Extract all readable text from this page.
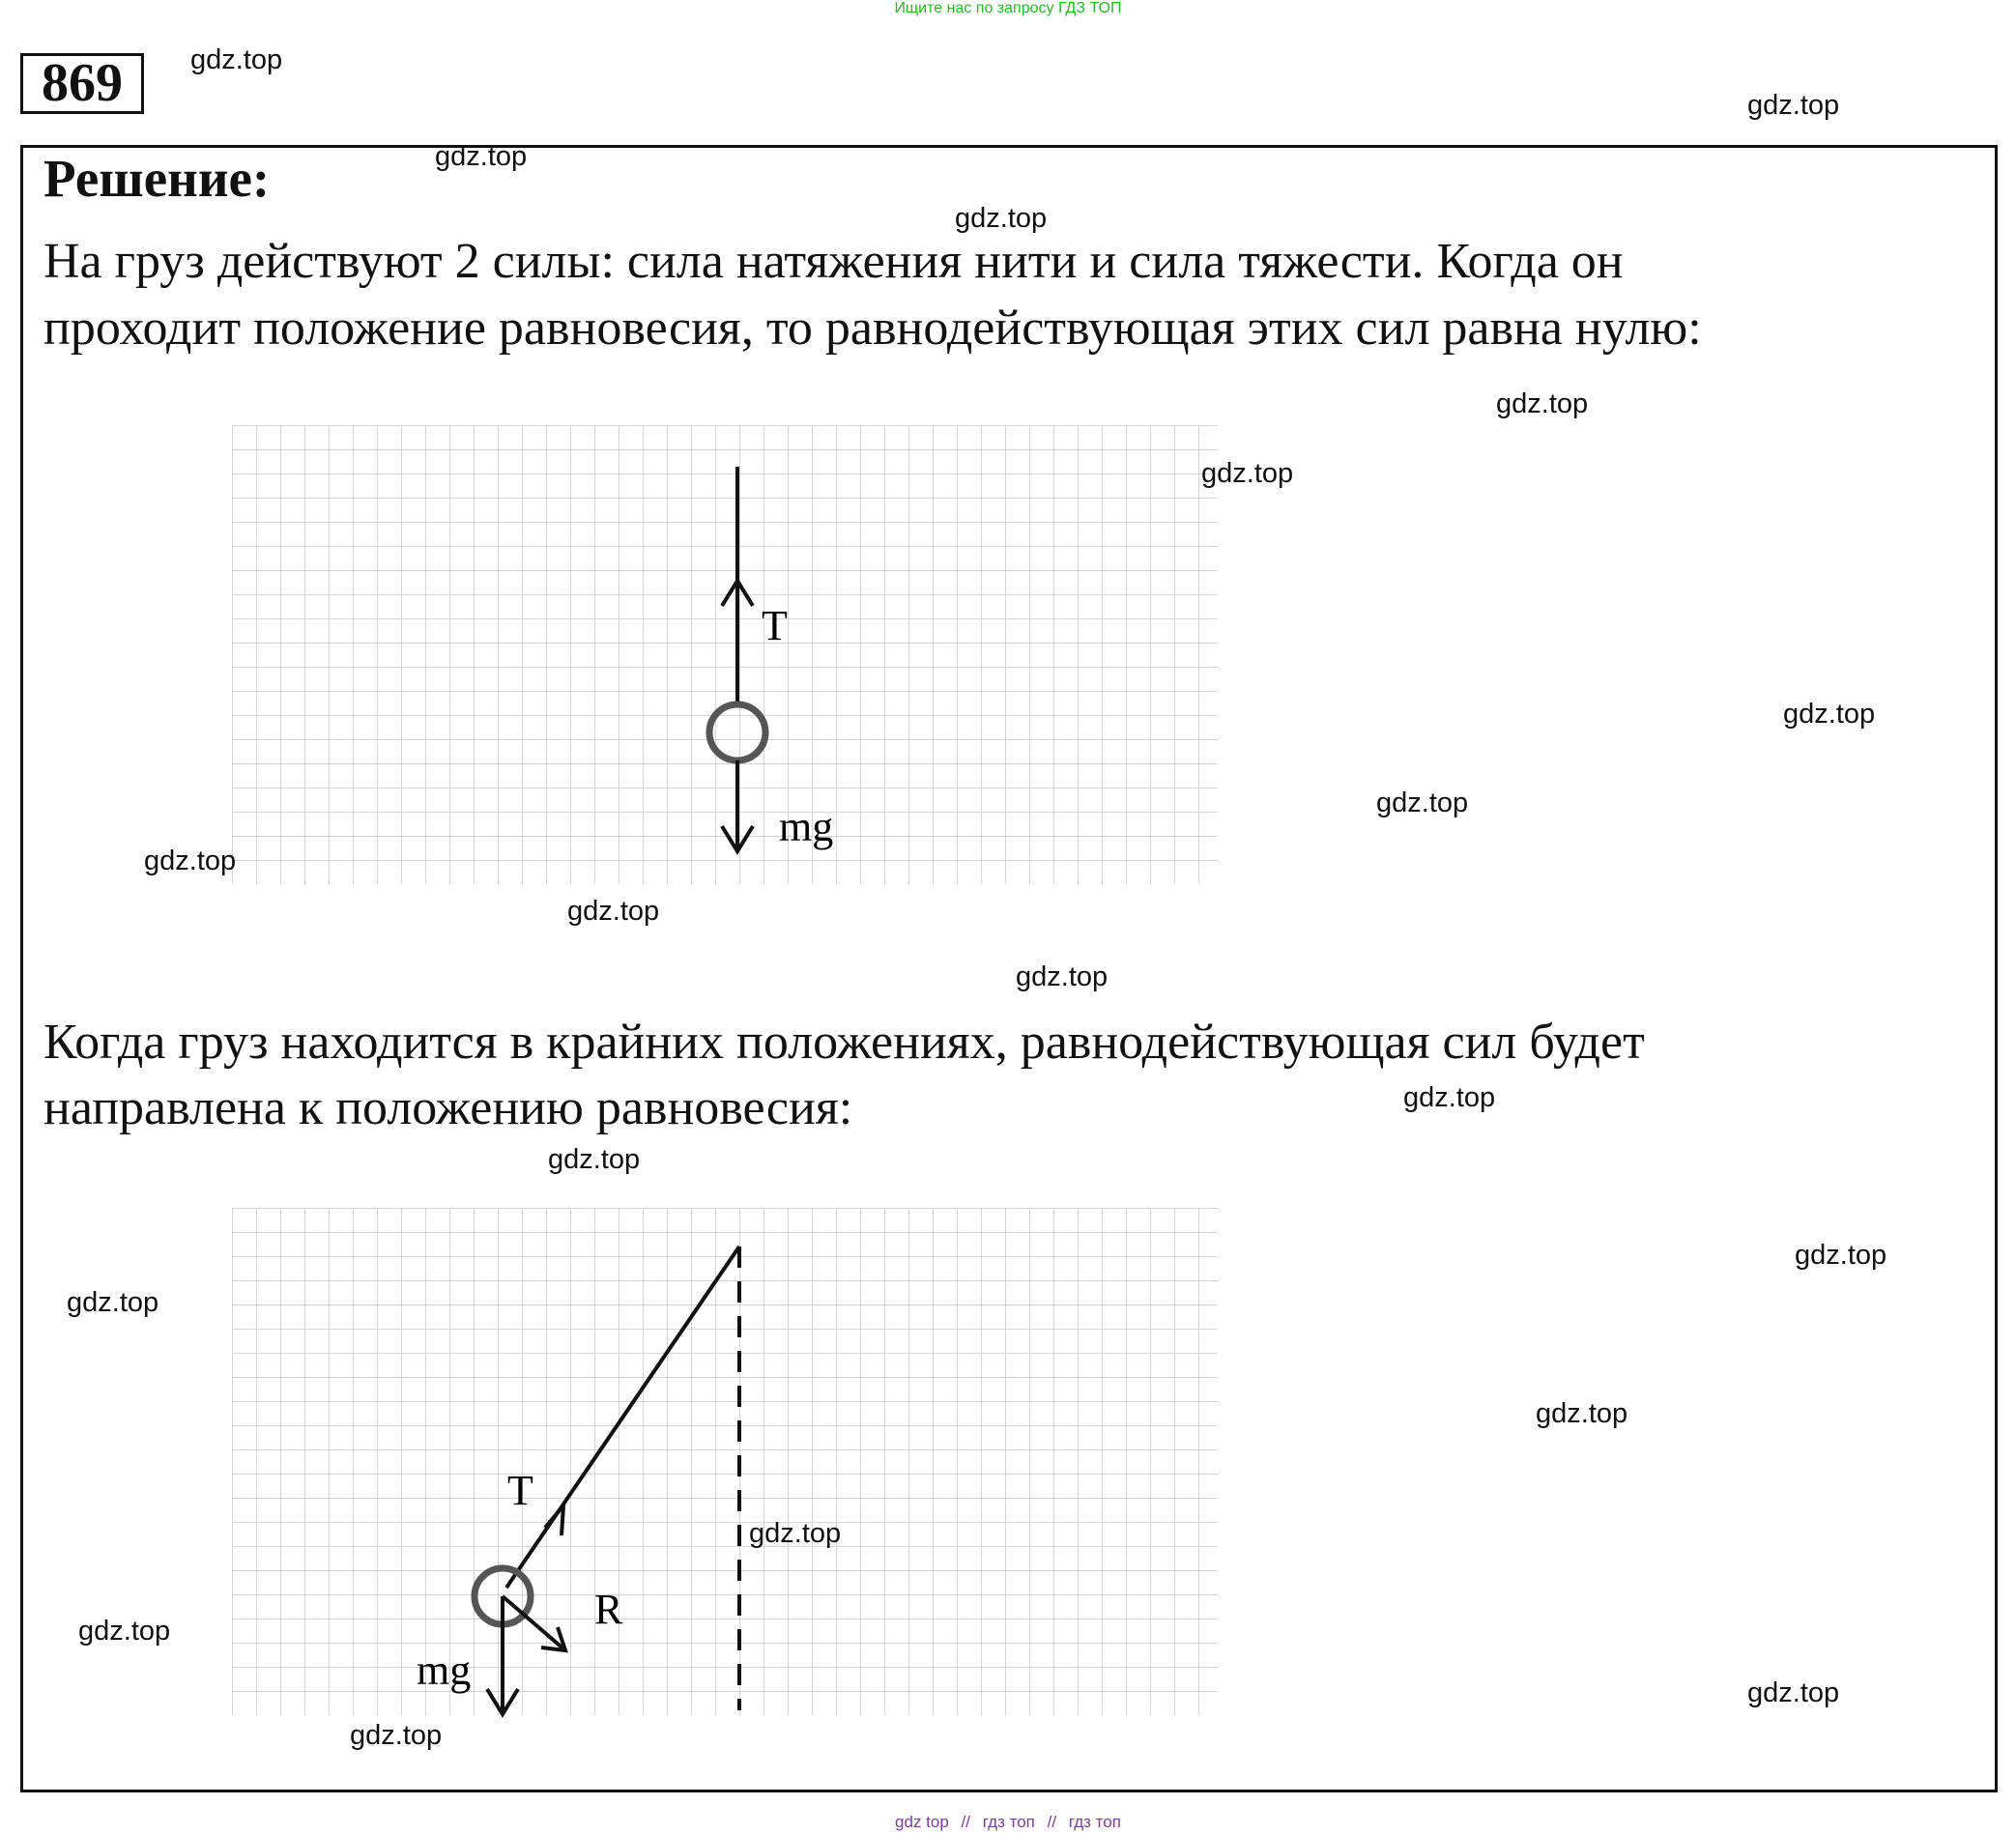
Ищите нас по запросу ГДЗ ТОП
869
Решение:
На груз действуют 2 силы: сила натяжения нити и сила тяжести. Когда он
проходит положение равновесия, то равнодействующая этих сил равна нулю:
T
mg
Когда груз находится в крайних положениях, равнодействующая сил будет
направлена к положению равновесия:
T
R
mg
gdz.top
gdz.top
gdz.top
gdz.top
gdz.top
gdz.top
gdz.top
gdz.top
gdz.top
gdz.top
gdz.top
gdz.top
gdz.top
gdz.top
gdz.top
gdz.top
gdz.top
gdz.top
gdz.top
gdz.top
gdz top // гдз топ // гдз топ
